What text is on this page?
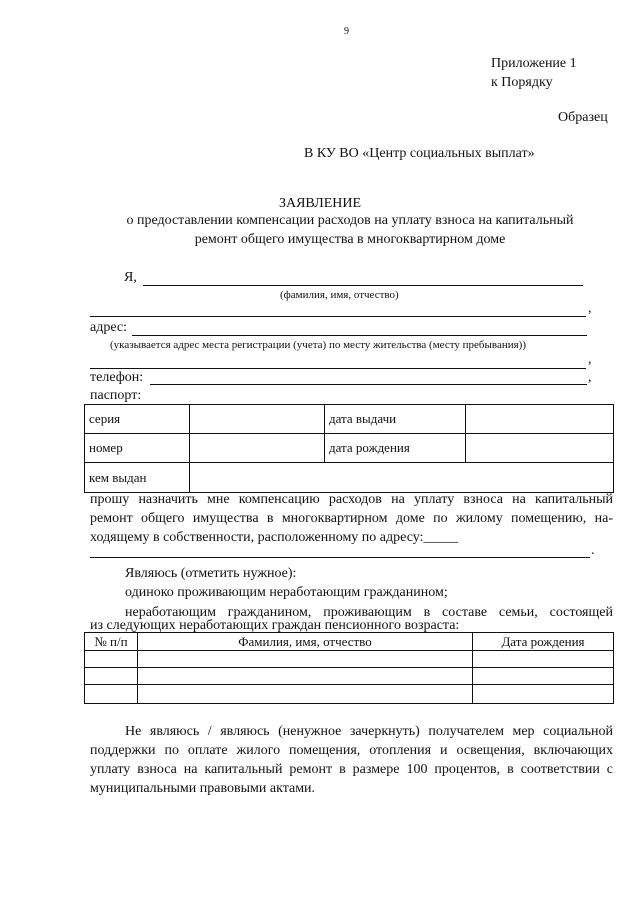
9
Приложение 1
к Порядку
Образец
В КУ ВО «Центр социальных выплат»
ЗАЯВЛЕНИЕ
о предоставлении компенсации расходов на уплату взноса на капитальный
ремонт общего имущества в многоквартирном доме
Я,
(фамилия, имя, отчество)
,
адрес:
(указывается адрес места регистрации (учета) по месту жительства (месту пребывания))
,
телефон:	,
паспорт:
серия		дата выдачи	
номер		дата рождения	
кем выдан			
прошу назначить мне компенсацию расходов на уплату взноса на капитальный
ремонт общего имущества в многоквартирном доме по жилому помещению, на-
ходящему в собственности, расположенному по адресу:_____
.
Являюсь (отметить нужное):
одиноко проживающим неработающим гражданином;
неработающим гражданином, проживающим в составе семьи, состоящей
из следующих неработающих граждан пенсионного возраста:
№ п/п	Фамилия, имя, отчество	Дата рождения

Не являюсь / являюсь (ненужное зачеркнуть) получателем мер социальной
поддержки по оплате жилого помещения, отопления и освещения, включающих
уплату взноса на капитальный ремонт в размере 100 процентов, в соответствии с
муниципальными правовыми актами.
